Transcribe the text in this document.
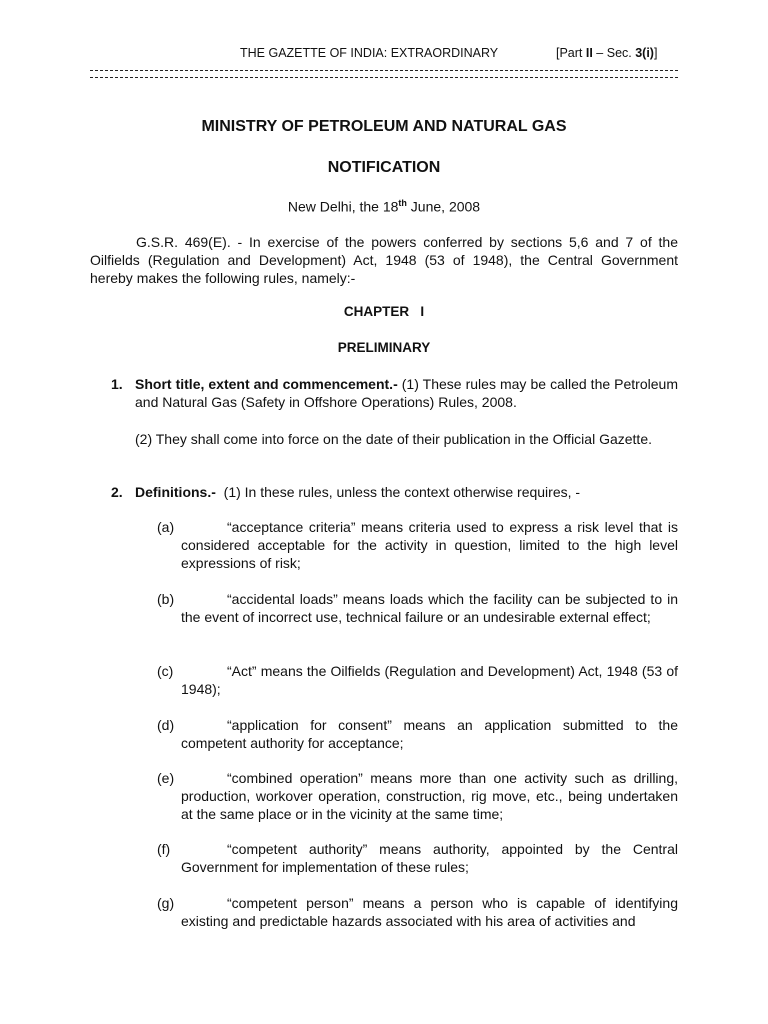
THE GAZETTE OF INDIA: EXTRAORDINARY	[Part II – Sec. 3(i)]
MINISTRY OF PETROLEUM AND NATURAL GAS
NOTIFICATION
New Delhi, the 18th June, 2008
G.S.R. 469(E). - In exercise of the powers conferred by sections 5,6 and 7 of the Oilfields (Regulation and Development) Act, 1948 (53 of 1948), the Central Government hereby makes the following rules, namely:-
CHAPTER   I
PRELIMINARY
1. Short title, extent and commencement.- (1) These rules may be called the Petroleum and Natural Gas (Safety in Offshore Operations) Rules, 2008.
(2) They shall come into force on the date of their publication in the Official Gazette.
2. Definitions.-  (1) In these rules, unless the context otherwise requires, -
(a)	“acceptance criteria” means criteria used to express a risk level that is considered acceptable for the activity in question, limited to the high level expressions of risk;
(b)	“accidental loads” means loads which the facility can be subjected to in the event of incorrect use, technical failure or an undesirable external effect;
(c)	“Act” means the Oilfields (Regulation and Development) Act, 1948 (53 of 1948);
(d)	“application for consent” means an application submitted to the competent authority for acceptance;
(e)	“combined operation” means more than one activity such as drilling, production, workover operation, construction, rig move, etc., being undertaken at the same place or in the vicinity at the same time;
(f)	“competent authority” means authority, appointed by the Central Government for implementation of these rules;
(g)	“competent person” means a person who is capable of identifying existing and predictable hazards associated with his area of activities and
